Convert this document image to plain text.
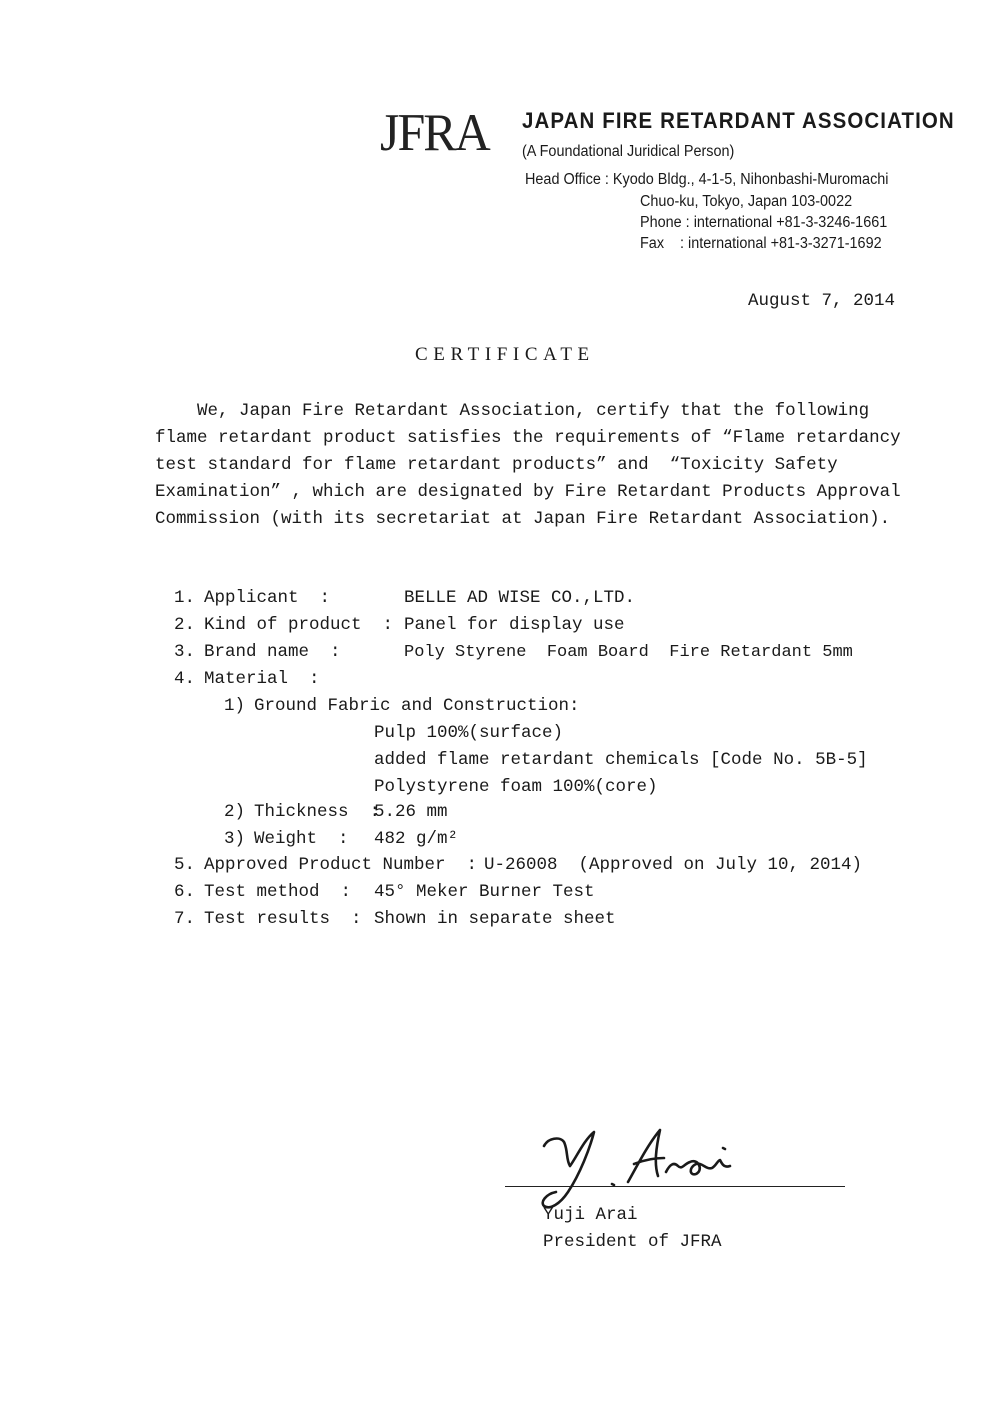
JFRA JAPAN FIRE RETARDANT ASSOCIATION
(A Foundational Juridical Person)
Head Office : Kyodo Bldg., 4-1-5, Nihonbashi-Muromachi
Chuo-ku, Tokyo, Japan 103-0022
Phone : international +81-3-3246-1661
Fax    : international +81-3-3271-1692
August 7, 2014
CERTIFICATE
We, Japan Fire Retardant Association, certify that the following
flame retardant product satisfies the requirements of “Flame retardancy
test standard for flame retardant products” and  “Toxicity Safety
Examination” , which are designated by Fire Retardant Products Approval
Commission (with its secretariat at Japan Fire Retardant Association).
1. Applicant  :	BELLE AD WISE CO.,LTD.
2. Kind of product  : Panel for display use
3. Brand name  :	Poly Styrene  Foam Board  Fire Retardant 5mm
4. Material  :
1) Ground Fabric and Construction:
Pulp 100%(surface)
added flame retardant chemicals [Code No. 5B-5]
Polystyrene foam 100%(core)
2) Thickness  :
5.26 mm
3) Weight  : 482 g/m²
5. Approved Product Number  : U-26008  (Approved on July 10, 2014)
6. Test method  : 45° Meker Burner Test
7. Test results  : Shown in separate sheet
Yuji Arai
President of JFRA
